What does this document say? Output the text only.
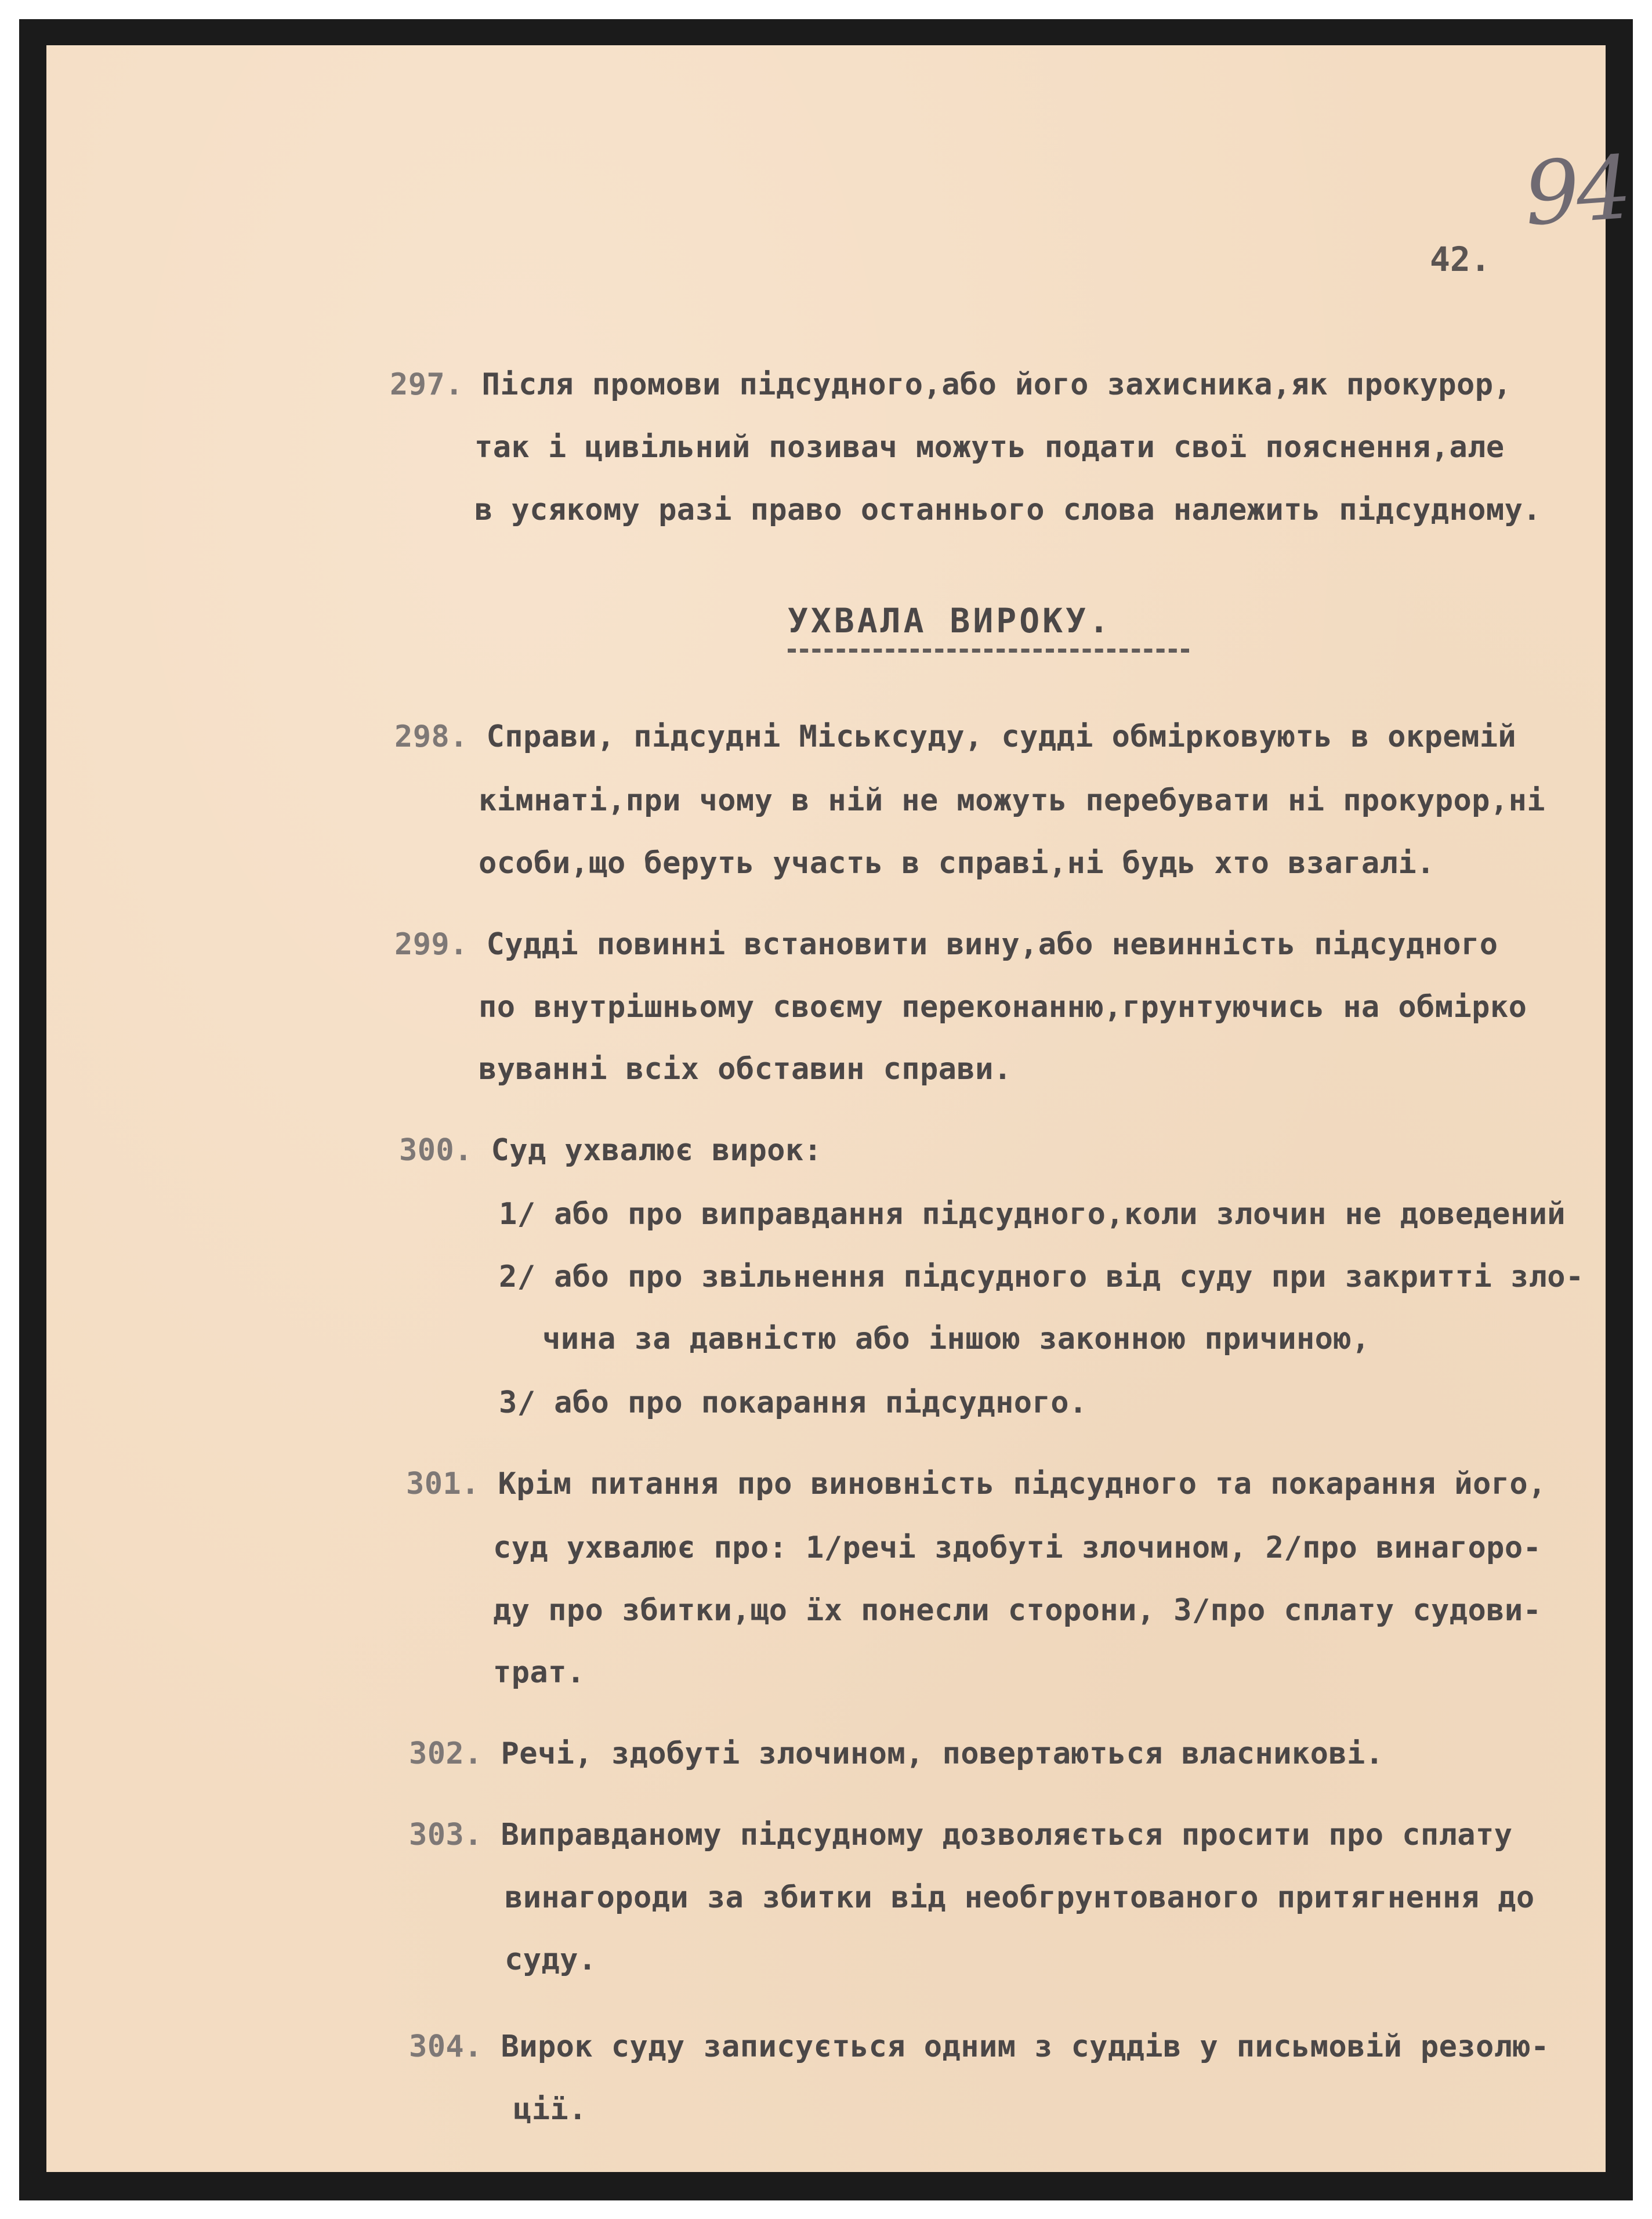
94
42.
297. Після промови підсудного,або його захисника,як прокурор,
так і цивільний позивач можуть подати свої пояснення,але
в усякому разі право останнього слова належить підсудному.
УХВАЛА ВИРОКУ.
298. Справи, підсудні Міськсуду, судді обмірковують в окремій
кімнаті,при чому в ній не можуть перебувати ні прокурор,ні
особи,що беруть участь в справі,ні будь хто взагалі.
299. Судді повинні встановити вину,або невинність підсудного
по внутрішньому своєму переконанню,грунтуючись на обмірко
вуванні всіх обставин справи.
300. Суд ухвалює вирок:
1/ або про виправдання підсудного,коли злочин не доведений
2/ або про звільнення підсудного від суду при закритті зло-
чина за давністю або іншою законною причиною,
3/ або про покарання підсудного.
301. Крім питання про виновність підсудного та покарання його,
суд ухвалює про: 1/речі здобуті злочином, 2/про винагоро-
ду про збитки,що їх понесли сторони, 3/про сплату судови-
трат.
302. Речі, здобуті злочином, повертаються власникові.
303. Виправданому підсудному дозволяється просити про сплату
винагороди за збитки від необгрунтованого притягнення до
суду.
304. Вирок суду записується одним з суддів у письмовій резолю-
ції.
